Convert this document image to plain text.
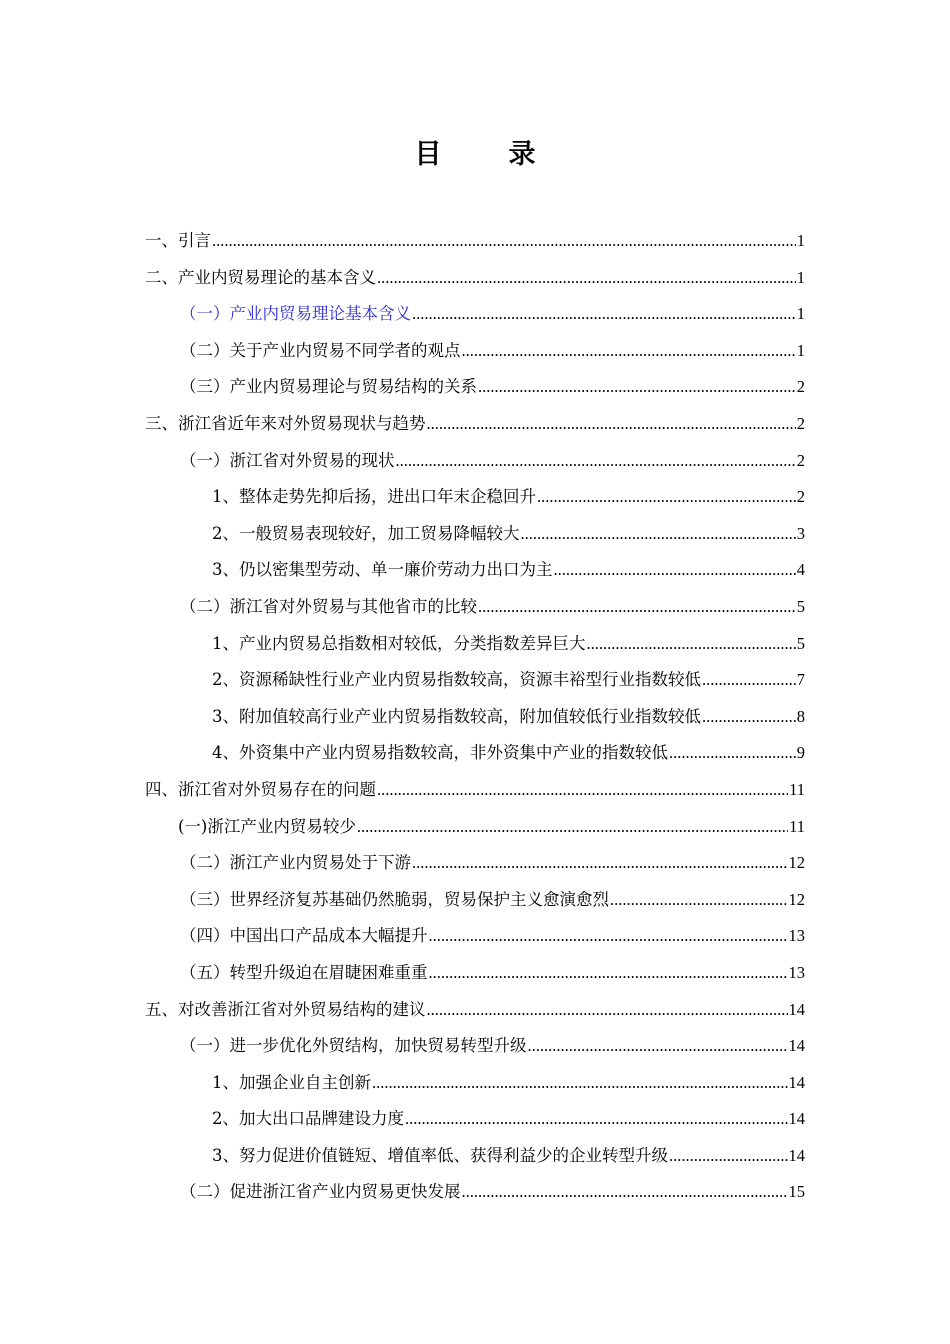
目　录
一、引言 .....	1
二、产业内贸易理论的基本含义 .....	1
（一）产业内贸易理论基本含义 .....	1
（二）关于产业内贸易不同学者的观点 .....	1
（三）产业内贸易理论与贸易结构的关系 .....	2
三、浙江省近年来对外贸易现状与趋势 .....	2
（一）浙江省对外贸易的现状 .....	2
1、整体走势先抑后扬，进出口年末企稳回升 .....	2
2、一般贸易表现较好，加工贸易降幅较大 .....	3
3、仍以密集型劳动、单一廉价劳动力出口为主 .....	4
（二）浙江省对外贸易与其他省市的比较 .....	5
1、产业内贸易总指数相对较低，分类指数差异巨大 .....	5
2、资源稀缺性行业产业内贸易指数较高，资源丰裕型行业指数较低 .....	7
3、附加值较高行业产业内贸易指数较高，附加值较低行业指数较低 .....	8
4、外资集中产业内贸易指数较高，非外资集中产业的指数较低 .....	9
四、浙江省对外贸易存在的问题 .....	11
(一)浙江产业内贸易较少 .....	11
（二）浙江产业内贸易处于下游 .....	12
（三）世界经济复苏基础仍然脆弱，贸易保护主义愈演愈烈 .....	12
（四）中国出口产品成本大幅提升 .....	13
（五）转型升级迫在眉睫困难重重 .....	13
五、对改善浙江省对外贸易结构的建议 .....	14
（一）进一步优化外贸结构，加快贸易转型升级 .....	14
1、加强企业自主创新 .....	14
2、加大出口品牌建设力度 .....	14
3、努力促进价值链短、增值率低、获得利益少的企业转型升级 .....	14
（二）促进浙江省产业内贸易更快发展 .....	15
